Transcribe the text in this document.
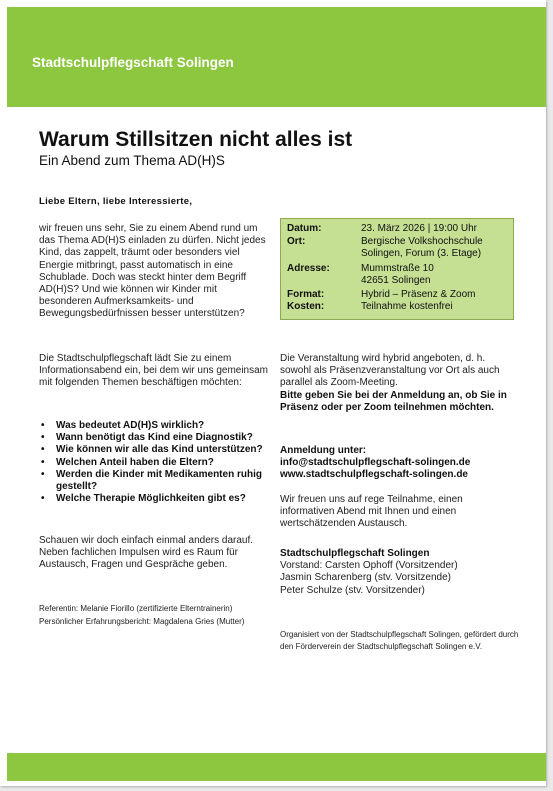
Stadtschulpflegschaft Solingen

Warum Stillsitzen nicht alles ist

Ein Abend zum Thema AD(H)S

Liebe Eltern, liebe Interessierte,

wir freuen uns sehr, Sie zu einem Abend rund um das Thema AD(H)S einladen zu dürfen. Nicht jedes Kind, das zappelt, träumt oder besonders viel Energie mitbringt, passt automatisch in eine Schublade. Doch was steckt hinter dem Begriff AD(H)S? Und wie können wir Kinder mit besonderen Aufmerksamkeits- und Bewegungsbedürfnissen besser unterstützen?

Die Stadtschulpflegschaft lädt Sie zu einem Informationsabend ein, bei dem wir uns gemeinsam mit folgenden Themen beschäftigen möchten:

• Was bedeutet AD(H)S wirklich?
• Wann benötigt das Kind eine Diagnostik?
• Wie können wir alle das Kind unterstützen?
• Welchen Anteil haben die Eltern?
• Werden die Kinder mit Medikamenten ruhig gestellt?
• Welche Therapie Möglichkeiten gibt es?

Schauen wir doch einfach einmal anders darauf. Neben fachlichen Impulsen wird es Raum für Austausch, Fragen und Gespräche geben.

Referentin: Melanie Fiorillo (zertifizierte Elterntrainerin)

Persönlicher Erfahrungsbericht: Magdalena Gries (Mutter)

Datum:	23. März 2026 | 19:00 Uhr
Ort:	Bergische Volkshochschule
Solingen, Forum (3. Etage)
Adresse:	Mummstraße 10
42651 Solingen
Format:	Hybrid – Präsenz & Zoom
Kosten:	Teilnahme kostenfrei

Die Veranstaltung wird hybrid angeboten, d. h. sowohl als Präsenzveranstaltung vor Ort als auch parallel als Zoom-Meeting.

Bitte geben Sie bei der Anmeldung an, ob Sie in Präsenz oder per Zoom teilnehmen möchten.

Anmeldung unter:

info@stadtschulpflegschaft-solingen.de

www.stadtschulpflegschaft-solingen.de

Wir freuen uns auf rege Teilnahme, einen informativen Abend mit Ihnen und einen wertschätzenden Austausch.

Stadtschulpflegschaft Solingen

Vorstand: Carsten Ophoff (Vorsitzender)

Jasmin Scharenberg (stv. Vorsitzende)

Peter Schulze (stv. Vorsitzender)

Organisiert von der Stadtschulpflegschaft Solingen, gefördert durch den Förderverein der Stadtschulpflegschaft Solingen e.V.
